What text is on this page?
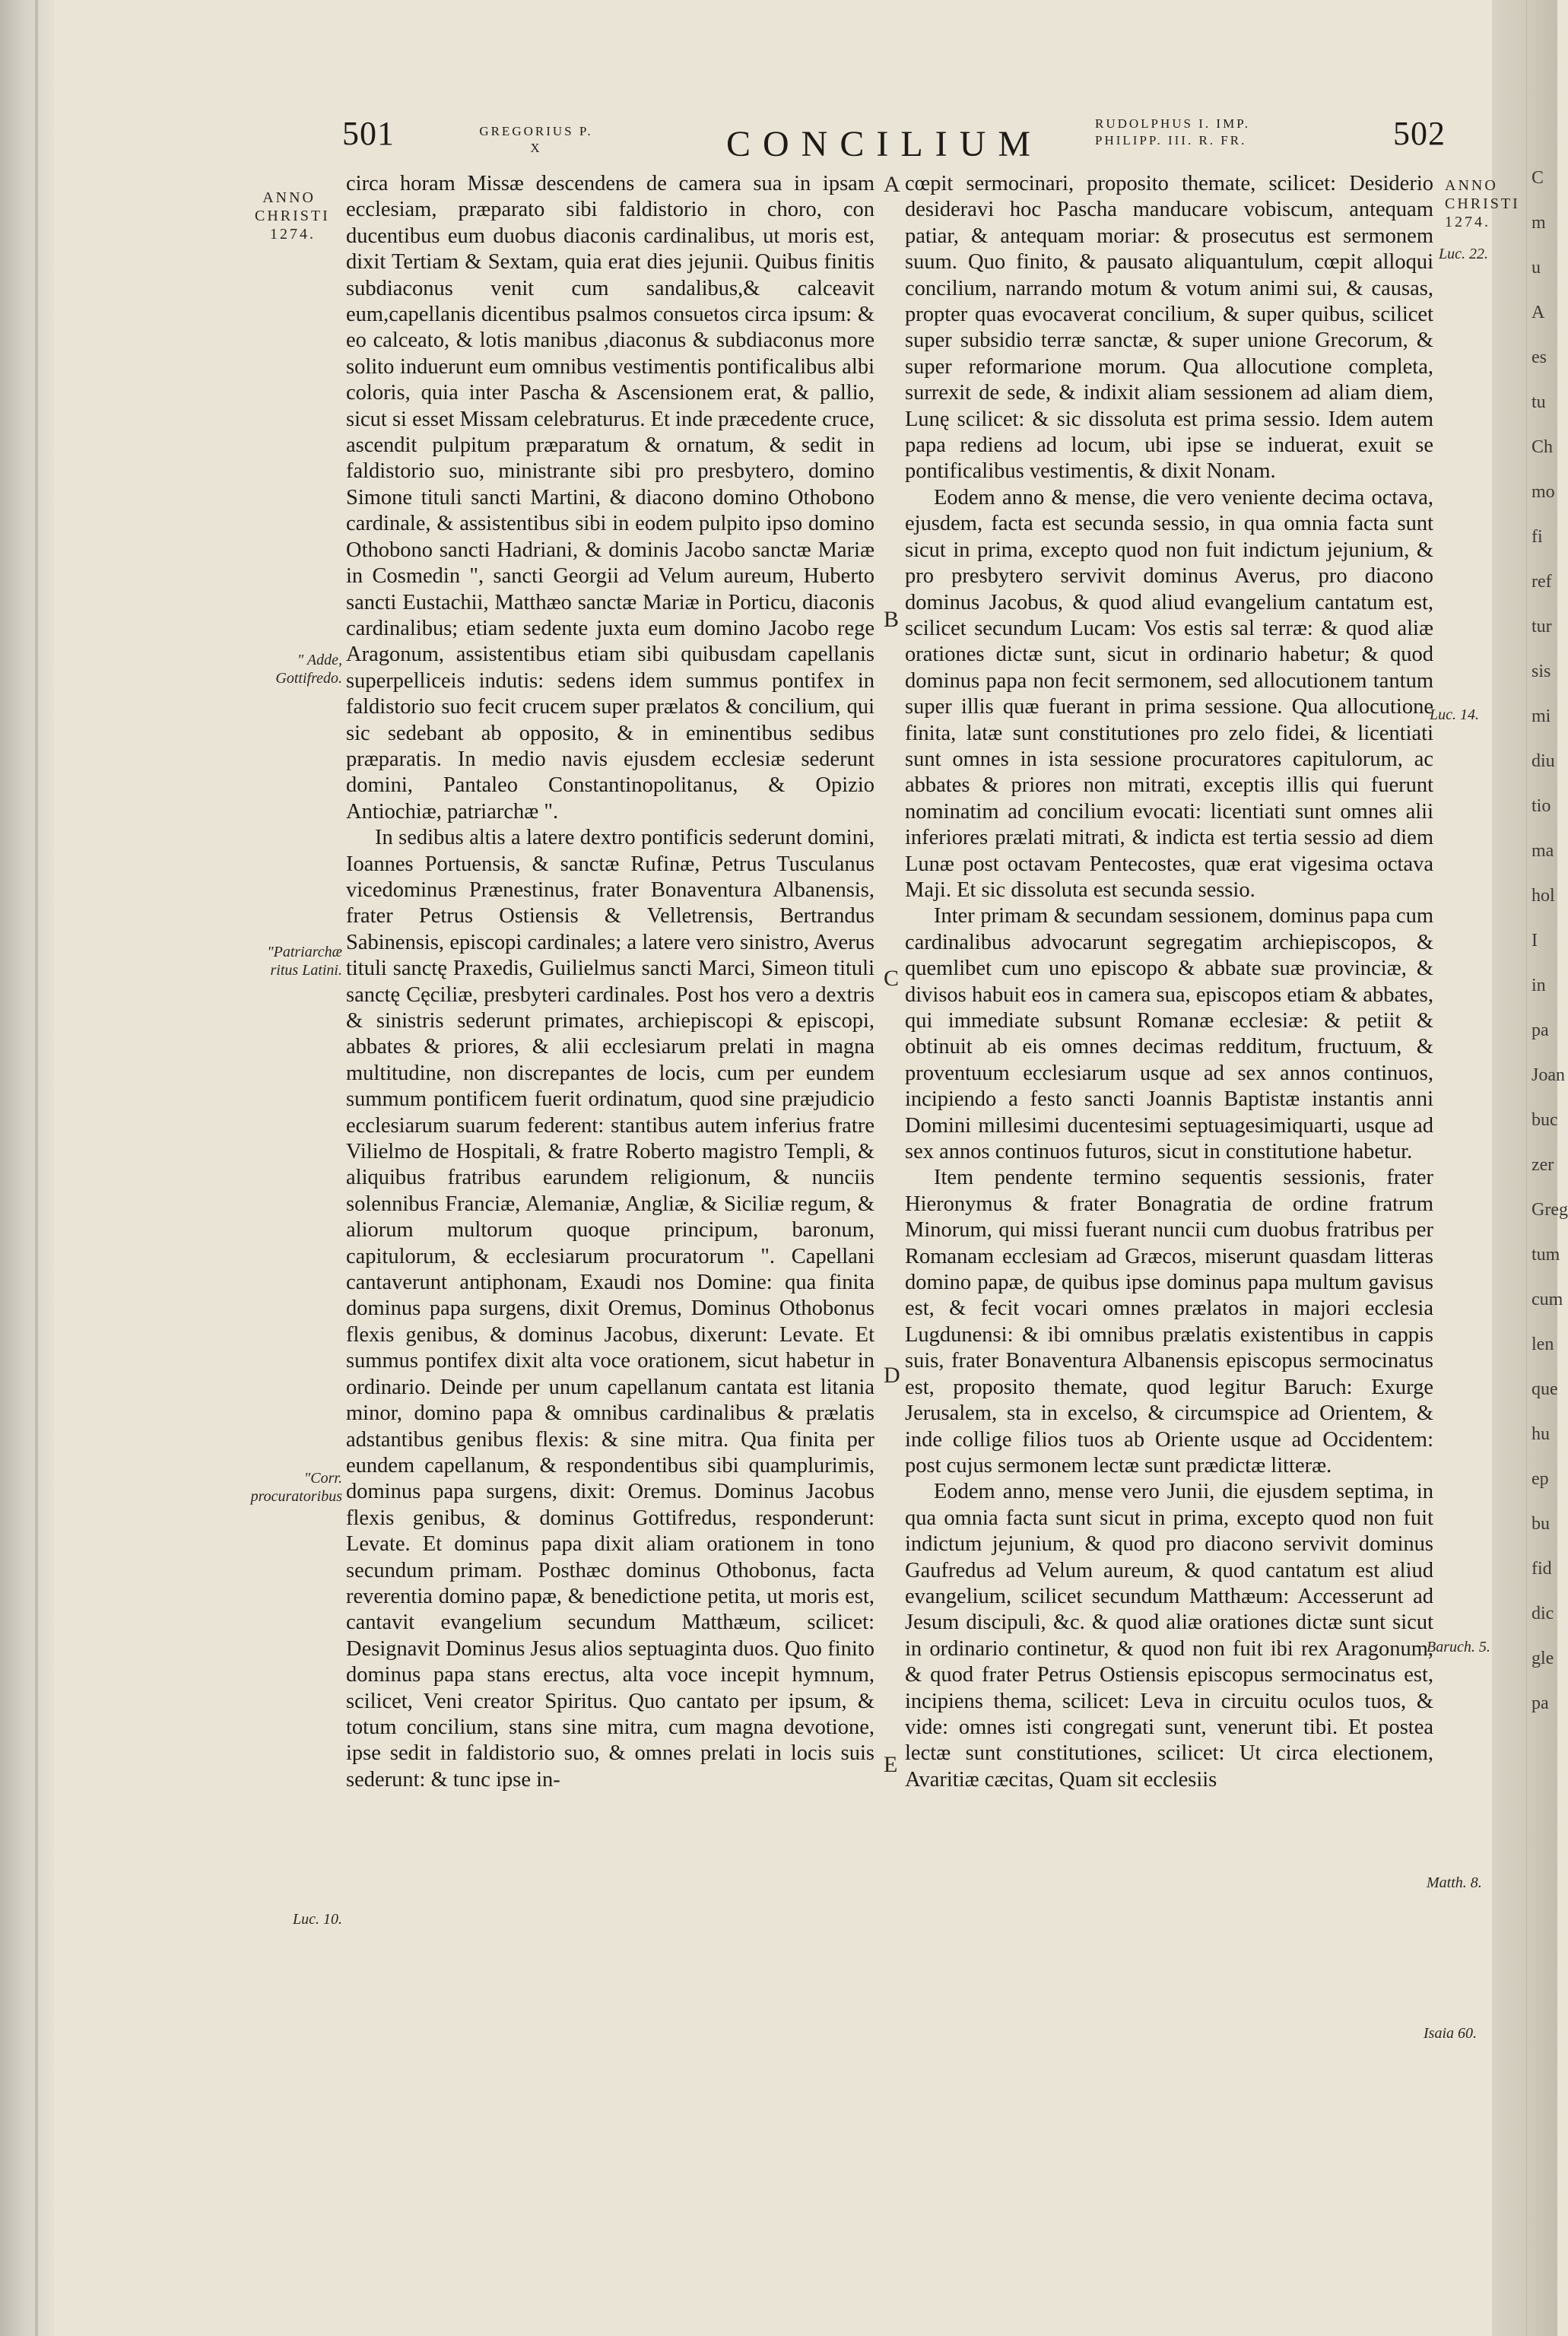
C
m
u
A
es
tu
Ch
mo
fi
ref
tur
sis
mi
diu
tio
ma
hol
I
in
pa
Joan
buc
zer
Greg
tum
cum
len
que
hu
ep
bu
fid
dic
gle
pa
501	GREGORIUS P. X	CONCILIUM
RUDOLPHUS I. IMP.
PHILIPP. III. R. FR.	502
ANNO CHRISTI 1274.
" Adde, Gottifredo.
"Patriarchæ ritus Latini.
"Corr. procuratoribus
Luc. 10.
ANNO CHRISTI 1274.
Luc. 22.
Luc. 14.
Baruch. 5.
Matth. 8.
Isaia 60.
A
B
C
D
E

circa horam Missæ descendens de camera sua in ipsam ecclesiam, præparato sibi faldistorio in choro, con ducentibus eum duobus diaconis cardinalibus, ut moris est, dixit Tertiam & Sextam, quia erat dies jejunii. Quibus finitis subdiaconus venit cum sandalibus,& calceavit eum,capellanis dicentibus psalmos consuetos circa ipsum: & eo calceato, & lotis manibus ,diaconus & subdiaconus more solito induerunt eum omnibus vestimentis pontificalibus albi coloris, quia inter Pascha & Ascensionem erat, & pallio, sicut si esset Missam celebraturus. Et inde præcedente cruce, ascendit pulpitum præparatum & ornatum, & sedit in faldistorio suo, ministrante sibi pro presbytero, domino Simone tituli sancti Martini, & diacono domino Othobono cardinale, & assistentibus sibi in eodem pulpito ipso domino Othobono sancti Hadriani, & dominis Jacobo sanctæ Mariæ in Cosmedin ", sancti Georgii ad Velum aureum, Huberto sancti Eustachii, Matthæo sanctæ Mariæ in Porticu, diaconis cardinalibus; etiam sedente juxta eum domino Jacobo rege Aragonum, assistentibus etiam sibi quibusdam capellanis superpelliceis indutis: sedens idem summus pontifex in faldistorio suo fecit crucem super prælatos & concilium, qui sic sedebant ab opposito, & in eminentibus sedibus præparatis. In medio navis ejusdem ecclesiæ sederunt domini, Pantaleo Constantinopolitanus, & Opizio Antiochiæ, patriarchæ ".

In sedibus altis a latere dextro pontificis sederunt domini, Ioannes Portuensis, & sanctæ Rufinæ, Petrus Tusculanus vicedominus Prænestinus, frater Bonaventura Albanensis, frater Petrus Ostiensis & Velletrensis, Bertrandus Sabinensis, episcopi cardinales; a latere vero sinistro, Averus tituli sanctę Praxedis, Guilielmus sancti Marci, Simeon tituli sanctę Cęciliæ, presbyteri cardinales. Post hos vero a dextris & sinistris sederunt primates, archiepiscopi & episcopi, abbates & priores, & alii ecclesiarum prelati in magna multitudine, non discrepantes de locis, cum per eundem summum pontificem fuerit ordinatum, quod sine præjudicio ecclesiarum suarum federent: stantibus autem inferius fratre Vilielmo de Hospitali, & fratre Roberto magistro Templi, & aliquibus fratribus earundem religionum, & nunciis solennibus Franciæ, Alemaniæ, Angliæ, & Siciliæ regum, & aliorum multorum quoque principum, baronum, capitulorum, & ecclesiarum procuratorum ". Capellani cantaverunt antiphonam, Exaudi nos Domine: qua finita dominus papa surgens, dixit Oremus, Dominus Othobonus flexis genibus, & dominus Jacobus, dixerunt: Levate. Et summus pontifex dixit alta voce orationem, sicut habetur in ordinario. Deinde per unum capellanum cantata est litania minor, domino papa & omnibus cardinalibus & prælatis adstantibus genibus flexis: & sine mitra. Qua finita per eundem capellanum, & respondentibus sibi quamplurimis, dominus papa surgens, dixit: Oremus. Dominus Jacobus flexis genibus, & dominus Gottifredus, responderunt: Levate. Et dominus papa dixit aliam orationem in tono secundum primam. Posthæc dominus Othobonus, facta reverentia domino papæ, & benedictione petita, ut moris est, cantavit evangelium secundum Matthæum, scilicet: Designavit Dominus Jesus alios septuaginta duos. Quo finito dominus papa stans erectus, alta voce incepit hymnum, scilicet, Veni creator Spiritus. Quo cantato per ipsum, & totum concilium, stans sine mitra, cum magna devotione, ipse sedit in faldistorio suo, & omnes prelati in locis suis sederunt: & tunc ipse in-

cœpit sermocinari, proposito themate, scilicet: Desiderio desideravi hoc Pascha manducare vobiscum, antequam patiar, & antequam moriar: & prosecutus est sermonem suum. Quo finito, & pausato aliquantulum, cœpit alloqui concilium, narrando motum & votum animi sui, & causas, propter quas evocaverat concilium, & super quibus, scilicet super subsidio terræ sanctæ, & super unione Grecorum, & super reformarione morum. Qua allocutione completa, surrexit de sede, & indixit aliam sessionem ad aliam diem, Lunę scilicet: & sic dissoluta est prima sessio. Idem autem papa rediens ad locum, ubi ipse se induerat, exuit se pontificalibus vestimentis, & dixit Nonam.

Eodem anno & mense, die vero veniente decima octava, ejusdem, facta est secunda sessio, in qua omnia facta sunt sicut in prima, excepto quod non fuit indictum jejunium, & pro presbytero servivit dominus Averus, pro diacono dominus Jacobus, & quod aliud evangelium cantatum est, scilicet secundum Lucam: Vos estis sal terræ: & quod aliæ orationes dictæ sunt, sicut in ordinario habetur; & quod dominus papa non fecit sermonem, sed allocutionem tantum super illis quæ fuerant in prima sessione. Qua allocutione finita, latæ sunt constitutiones pro zelo fidei, & licentiati sunt omnes in ista sessione procuratores capitulorum, ac abbates & priores non mitrati, exceptis illis qui fuerunt nominatim ad concilium evocati: licentiati sunt omnes alii inferiores prælati mitrati, & indicta est tertia sessio ad diem Lunæ post octavam Pentecostes, quæ erat vigesima octava Maji. Et sic dissoluta est secunda sessio.

Inter primam & secundam sessionem, dominus papa cum cardinalibus advocarunt segregatim archiepiscopos, & quemlibet cum uno episcopo & abbate suæ provinciæ, & divisos habuit eos in camera sua, episcopos etiam & abbates, qui immediate subsunt Romanæ ecclesiæ: & petiit & obtinuit ab eis omnes decimas redditum, fructuum, & proventuum ecclesiarum usque ad sex annos continuos, incipiendo a festo sancti Joannis Baptistæ instantis anni Domini millesimi ducentesimi septuagesimiquarti, usque ad sex annos continuos futuros, sicut in constitutione habetur.

Item pendente termino sequentis sessionis, frater Hieronymus & frater Bonagratia de ordine fratrum Minorum, qui missi fuerant nuncii cum duobus fratribus per Romanam ecclesiam ad Græcos, miserunt quasdam litteras domino papæ, de quibus ipse dominus papa multum gavisus est, & fecit vocari omnes prælatos in majori ecclesia Lugdunensi: & ibi omnibus prælatis existentibus in cappis suis, frater Bonaventura Albanensis episcopus sermocinatus est, proposito themate, quod legitur Baruch: Exurge Jerusalem, sta in excelso, & circumspice ad Orientem, & inde collige filios tuos ab Oriente usque ad Occidentem: post cujus sermonem lectæ sunt prædictæ litteræ.

Eodem anno, mense vero Junii, die ejusdem septima, in qua omnia facta sunt sicut in prima, excepto quod non fuit indictum jejunium, & quod pro diacono servivit dominus Gaufredus ad Velum aureum, & quod cantatum est aliud evangelium, scilicet secundum Matthæum: Accesserunt ad Jesum discipuli, &c. & quod aliæ orationes dictæ sunt sicut in ordinario continetur, & quod non fuit ibi rex Aragonum, & quod frater Petrus Ostiensis episcopus sermocinatus est, incipiens thema, scilicet: Leva in circuitu oculos tuos, & vide: omnes isti congregati sunt, venerunt tibi. Et postea lectæ sunt constitutiones, scilicet: Ut circa electionem, Avaritiæ cæcitas, Quam sit ecclesiis
